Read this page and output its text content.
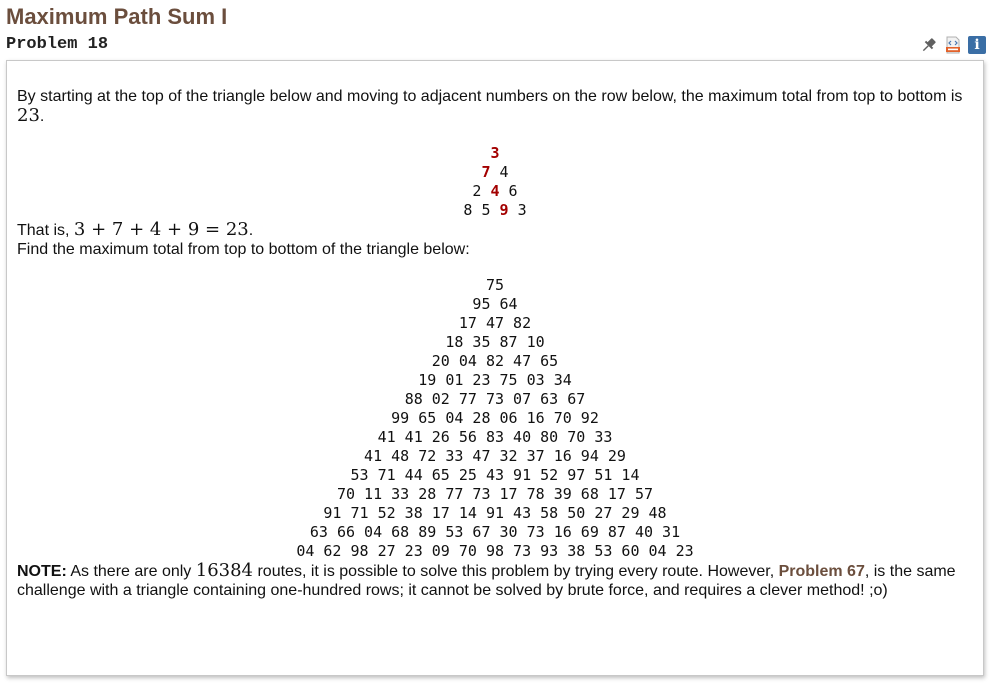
Maximum Path Sum I
Problem 18	i

By starting at the top of the triangle below and moving to adjacent numbers on the row below, the maximum total from top to bottom is 23.

3
7 4
2 4 6
8 5 9 3

That is, 3 + 7 + 4 + 9 = 23.

Find the maximum total from top to bottom of the triangle below:

75
95 64
17 47 82
18 35 87 10
20 04 82 47 65
19 01 23 75 03 34
88 02 77 73 07 63 67
99 65 04 28 06 16 70 92
41 41 26 56 83 40 80 70 33
41 48 72 33 47 32 37 16 94 29
53 71 44 65 25 43 91 52 97 51 14
70 11 33 28 77 73 17 78 39 68 17 57
91 71 52 38 17 14 91 43 58 50 27 29 48
63 66 04 68 89 53 67 30 73 16 69 87 40 31
04 62 98 27 23 09 70 98 73 93 38 53 60 04 23

NOTE: As there are only 16384 routes, it is possible to solve this problem by trying every route. However, Problem 67, is the same challenge with a triangle containing one-hundred rows; it cannot be solved by brute force, and requires a clever method! ;o)
